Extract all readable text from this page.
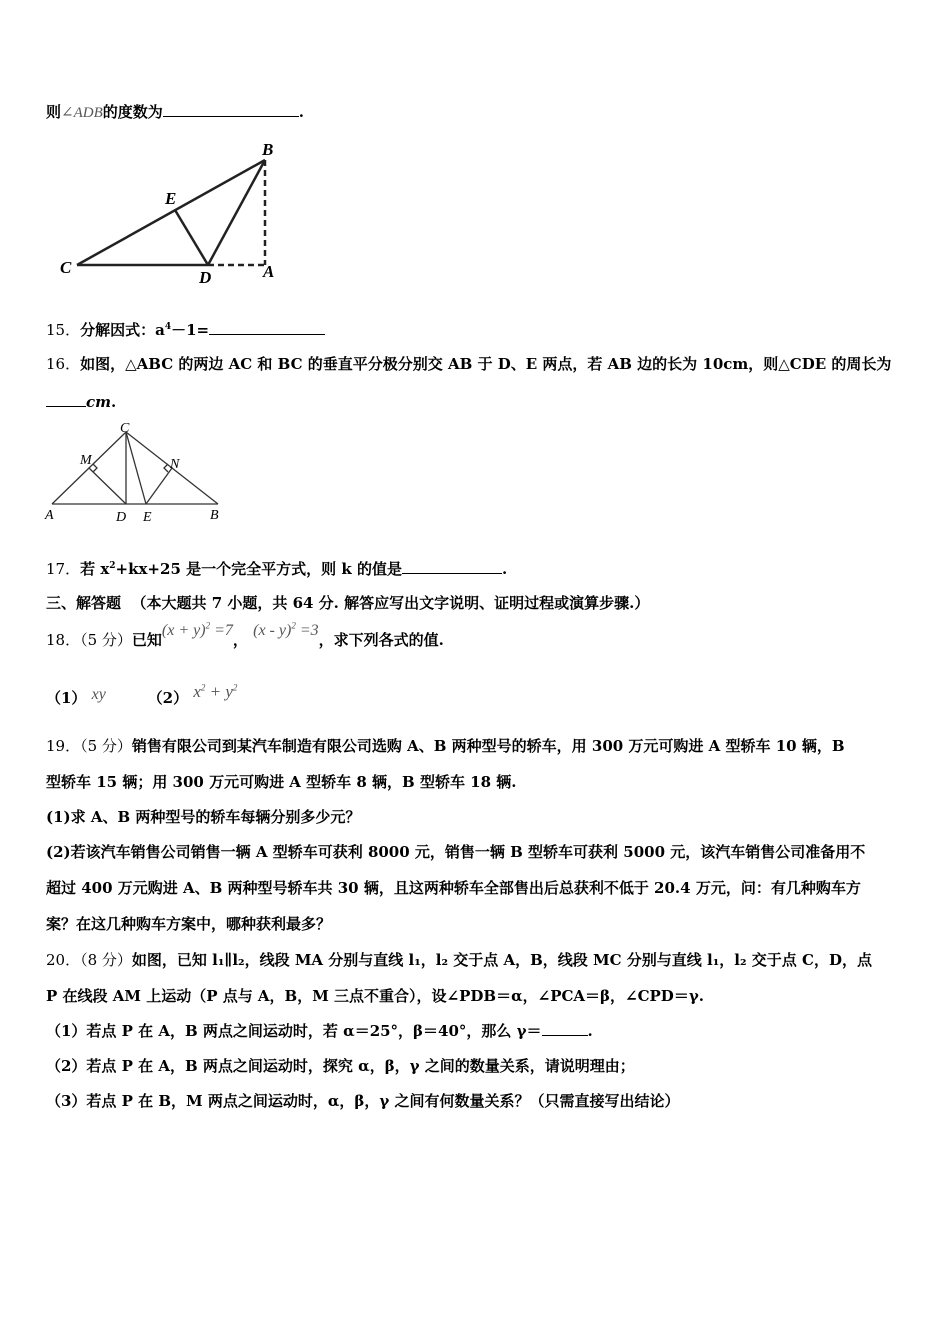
则∠ADB的度数为	.
B
E
C
D	A
15．分解因式：$a^4-1=$
16．如图，△ABC 的两边 AC 和 BC 的垂直平分极分别交 AB 于 D、E 两点，若 AB 边的长为 10cm，则△CDE 的周长为
cm.
C
M	N
A	D E	B
17．若 $x^2+kx+25$ 是一个完全平方式，则 k 的值是	.
三、解答题 （本大题共 7 小题，共 64 分. 解答应写出文字说明、证明过程或演算步骤.）
18．（5 分）已知$(x + y)^2 =7$， (x - y)$^2$ =3，求下列各式的值.
（1） xy	（2） $x^2 + y^2$
19．（5 分）销售有限公司到某汽车制造有限公司选购 A、B 两种型号的轿车，用 300 万元可购进 A 型轿车 10 辆，B
型轿车 15 辆；用 300 万元可购进 A 型轿车 8 辆，B 型轿车 18 辆.
(1)求 A、B 两种型号的轿车每辆分别多少元？
(2)若该汽车销售公司销售一辆 A 型轿车可获利 8000 元，销售一辆 B 型轿车可获利 5000 元，该汽车销售公司准备用不
超过 400 万元购进 A、B 两种型号轿车共 30 辆，且这两种轿车全部售出后总获利不低于 20.4 万元，问：有几种购车方
案？在这几种购车方案中，哪种获利最多？
20．（8 分）如图，已知 l₁∥l₂，线段 MA 分别与直线 l₁，l₂ 交于点 A，B，线段 MC 分别与直线 l₁，l₂ 交于点 C，D，点
P 在线段 AM 上运动（P 点与 A，B，M 三点不重合），设∠PDB＝α，∠PCA＝β，∠CPD＝γ.
（1）若点 P 在 A，B 两点之间运动时，若 α＝25°，β＝40°，那么 γ＝	.
（2）若点 P 在 A，B 两点之间运动时，探究 α，β，γ 之间的数量关系，请说明理由；
（3）若点 P 在 B，M 两点之间运动时，α，β，γ 之间有何数量关系？（只需直接写出结论）
